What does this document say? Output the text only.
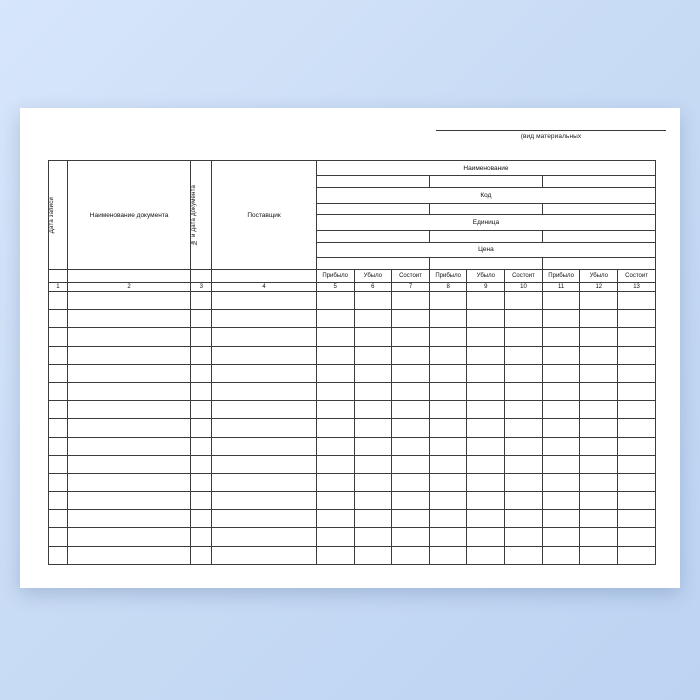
(вид материальных
Дата записи	Наименование документа	№ и дата документа	Поставщик	Наименование								

				Код								

				Единица								

				Цена								

				Прибыло	Убыло	Состоит	Прибыло	Убыло	Состоит	Прибыло	Убыло	Состоит
1	2	3	4	5	6	7	8	9	10	11	12	13
